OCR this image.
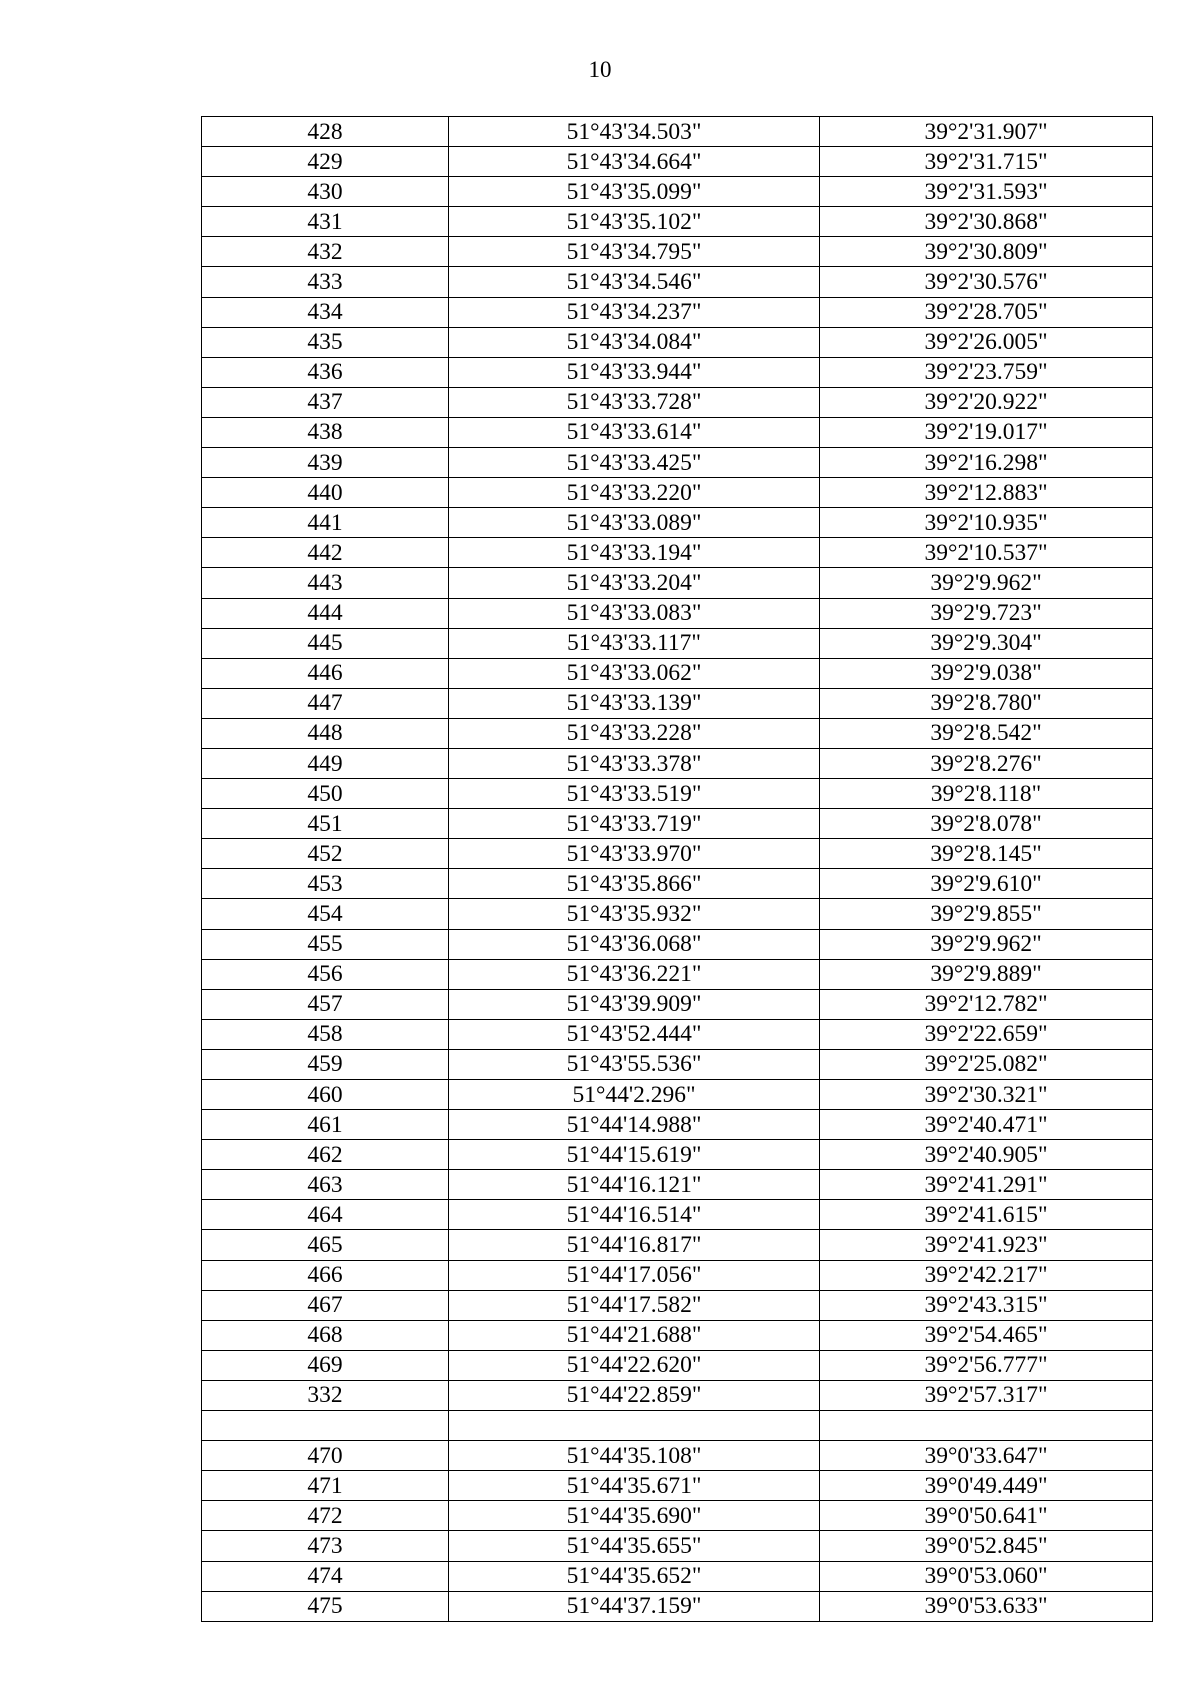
10
428	51°43'34.503"	39°2'31.907"
429	51°43'34.664"	39°2'31.715"
430	51°43'35.099"	39°2'31.593"
431	51°43'35.102"	39°2'30.868"
432	51°43'34.795"	39°2'30.809"
433	51°43'34.546"	39°2'30.576"
434	51°43'34.237"	39°2'28.705"
435	51°43'34.084"	39°2'26.005"
436	51°43'33.944"	39°2'23.759"
437	51°43'33.728"	39°2'20.922"
438	51°43'33.614"	39°2'19.017"
439	51°43'33.425"	39°2'16.298"
440	51°43'33.220"	39°2'12.883"
441	51°43'33.089"	39°2'10.935"
442	51°43'33.194"	39°2'10.537"
443	51°43'33.204"	39°2'9.962"
444	51°43'33.083"	39°2'9.723"
445	51°43'33.117"	39°2'9.304"
446	51°43'33.062"	39°2'9.038"
447	51°43'33.139"	39°2'8.780"
448	51°43'33.228"	39°2'8.542"
449	51°43'33.378"	39°2'8.276"
450	51°43'33.519"	39°2'8.118"
451	51°43'33.719"	39°2'8.078"
452	51°43'33.970"	39°2'8.145"
453	51°43'35.866"	39°2'9.610"
454	51°43'35.932"	39°2'9.855"
455	51°43'36.068"	39°2'9.962"
456	51°43'36.221"	39°2'9.889"
457	51°43'39.909"	39°2'12.782"
458	51°43'52.444"	39°2'22.659"
459	51°43'55.536"	39°2'25.082"
460	51°44'2.296"	39°2'30.321"
461	51°44'14.988"	39°2'40.471"
462	51°44'15.619"	39°2'40.905"
463	51°44'16.121"	39°2'41.291"
464	51°44'16.514"	39°2'41.615"
465	51°44'16.817"	39°2'41.923"
466	51°44'17.056"	39°2'42.217"
467	51°44'17.582"	39°2'43.315"
468	51°44'21.688"	39°2'54.465"
469	51°44'22.620"	39°2'56.777"
332	51°44'22.859"	39°2'57.317"

470	51°44'35.108"	39°0'33.647"
471	51°44'35.671"	39°0'49.449"
472	51°44'35.690"	39°0'50.641"
473	51°44'35.655"	39°0'52.845"
474	51°44'35.652"	39°0'53.060"
475	51°44'37.159"	39°0'53.633"
